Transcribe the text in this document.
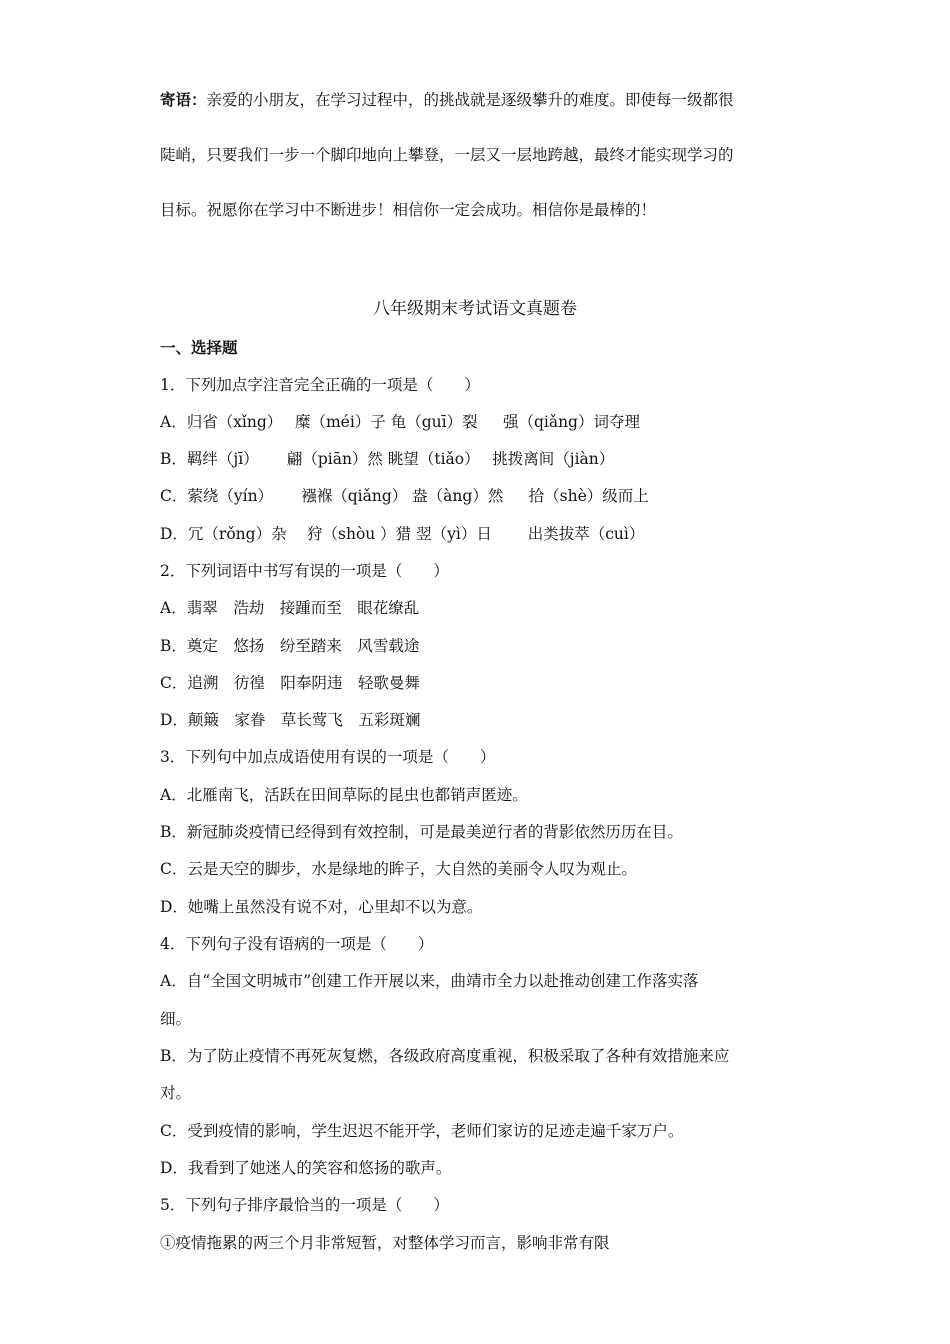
寄语：亲爱的小朋友，在学习过程中，的挑战就是逐级攀升的难度。即使每一级都很
陡峭，只要我们一步一个脚印地向上攀登，一层又一层地跨越，最终才能实现学习的
目标。祝愿你在学习中不断进步！相信你一定会成功。相信你是最棒的！
八年级期末考试语文真题卷
一、选择题
1．下列加点字注音完全正确的一项是（　　）
A．归省（xǐng）　 糜（méi）子 龟（guī）裂 　 强（qiǎng）词夺理
B．羁绊（jī）　　 翩（piān）然 眺望（tiǎo）　 挑拨离间（jiàn）
C．萦绕（yín）　　 襁褓（qiǎng） 盎（àng）然 　 拾（shè）级而上
D．冗（rǒng）杂　 狩（shòu ）猎 翌（yì）日 　　出类拔萃（cuì）
2．下列词语中书写有误的一项是（　　）
A．翡翠　浩劫　接踵而至　眼花缭乱
B．奠定　悠扬　纷至踏来　风雪载途
C．追溯　彷徨　阳奉阴违　轻歌曼舞
D．颠簸　家眷　草长莺飞　五彩斑斓
3．下列句中加点成语使用有误的一项是（　　）
A．北雁南飞，活跃在田间草际的昆虫也都销声匿迹。
B．新冠肺炎疫情已经得到有效控制，可是最美逆行者的背影依然历历在目。
C．云是天空的脚步，水是绿地的眸子，大自然的美丽令人叹为观止。
D．她嘴上虽然没有说不对，心里却不以为意。
4．下列句子没有语病的一项是（　　）
A．自“全国文明城市”创建工作开展以来，曲靖市全力以赴推动创建工作落实落
细。
B．为了防止疫情不再死灰复燃，各级政府高度重视，积极采取了各种有效措施来应
对。
C．受到疫情的影响，学生迟迟不能开学，老师们家访的足迹走遍千家万户。
D．我看到了她迷人的笑容和悠扬的歌声。
5．下列句子排序最恰当的一项是（　　）
①疫情拖累的两三个月非常短暂，对整体学习而言，影响非常有限
